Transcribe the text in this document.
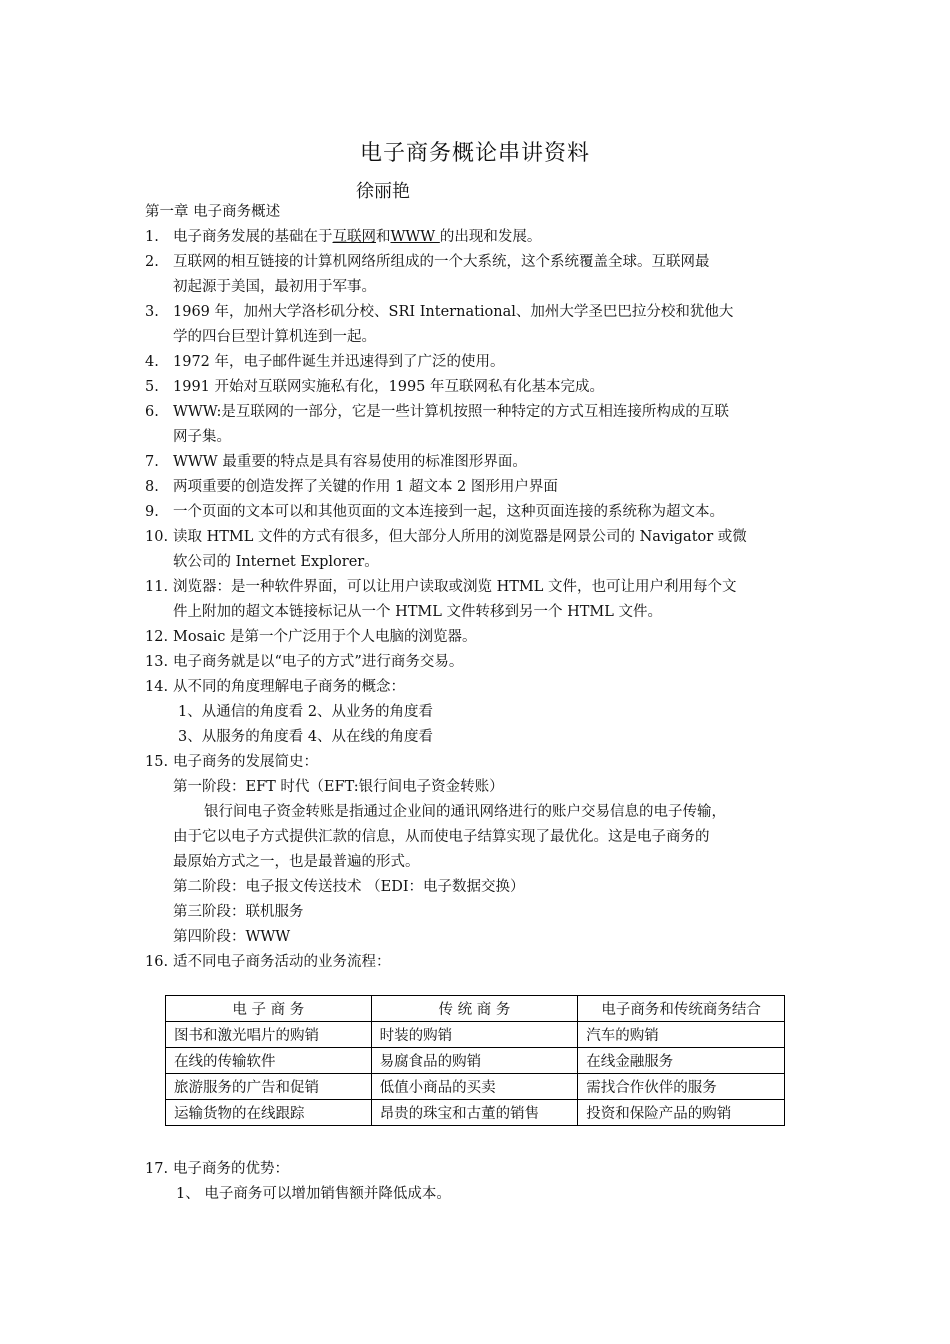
电子商务概论串讲资料
徐丽艳
第一章 电子商务概述
1. 电子商务发展的基础在于互联网和WWW 的出现和发展。
2. 互联网的相互链接的计算机网络所组成的一个大系统，这个系统覆盖全球。互联网最
初起源于美国，最初用于军事。
3. 1969 年，加州大学洛杉矶分校、SRI International、加州大学圣巴巴拉分校和犹他大
学的四台巨型计算机连到一起。
4. 1972 年，电子邮件诞生并迅速得到了广泛的使用。
5. 1991 开始对互联网实施私有化，1995 年互联网私有化基本完成。
6. WWW:是互联网的一部分，它是一些计算机按照一种特定的方式互相连接所构成的互联
网子集。
7. WWW 最重要的特点是具有容易使用的标准图形界面。
8. 两项重要的创造发挥了关键的作用 1 超文本 2 图形用户界面
9. 一个页面的文本可以和其他页面的文本连接到一起，这种页面连接的系统称为超文本。
10. 读取 HTML 文件的方式有很多，但大部分人所用的浏览器是网景公司的 Navigator 或微
软公司的 Internet Explorer。
11. 浏览器：是一种软件界面，可以让用户读取或浏览 HTML 文件，也可让用户利用每个文
件上附加的超文本链接标记从一个 HTML 文件转移到另一个 HTML 文件。
12. Mosaic 是第一个广泛用于个人电脑的浏览器。
13. 电子商务就是以“电子的方式”进行商务交易。
14. 从不同的角度理解电子商务的概念：
1、从通信的角度看 2、从业务的角度看
3、从服务的角度看 4、从在线的角度看
15. 电子商务的发展简史：
第一阶段：EFT 时代（EFT:银行间电子资金转账）
银行间电子资金转账是指通过企业间的通讯网络进行的账户交易信息的电子传输，
由于它以电子方式提供汇款的信息，从而使电子结算实现了最优化。这是电子商务的
最原始方式之一，也是最普遍的形式。
第二阶段：电子报文传送技术 （EDI：电子数据交换）
第三阶段：联机服务
第四阶段：WWW
16. 适不同电子商务活动的业务流程：
电 子 商 务	传 统 商 务	电子商务和传统商务结合
图书和激光唱片的购销	时装的购销	汽车的购销
在线的传输软件	易腐食品的购销	在线金融服务
旅游服务的广告和促销	低值小商品的买卖	需找合作伙伴的服务
运输货物的在线跟踪	昂贵的珠宝和古董的销售	投资和保险产品的购销
17. 电子商务的优势：
1、 电子商务可以增加销售额并降低成本。
